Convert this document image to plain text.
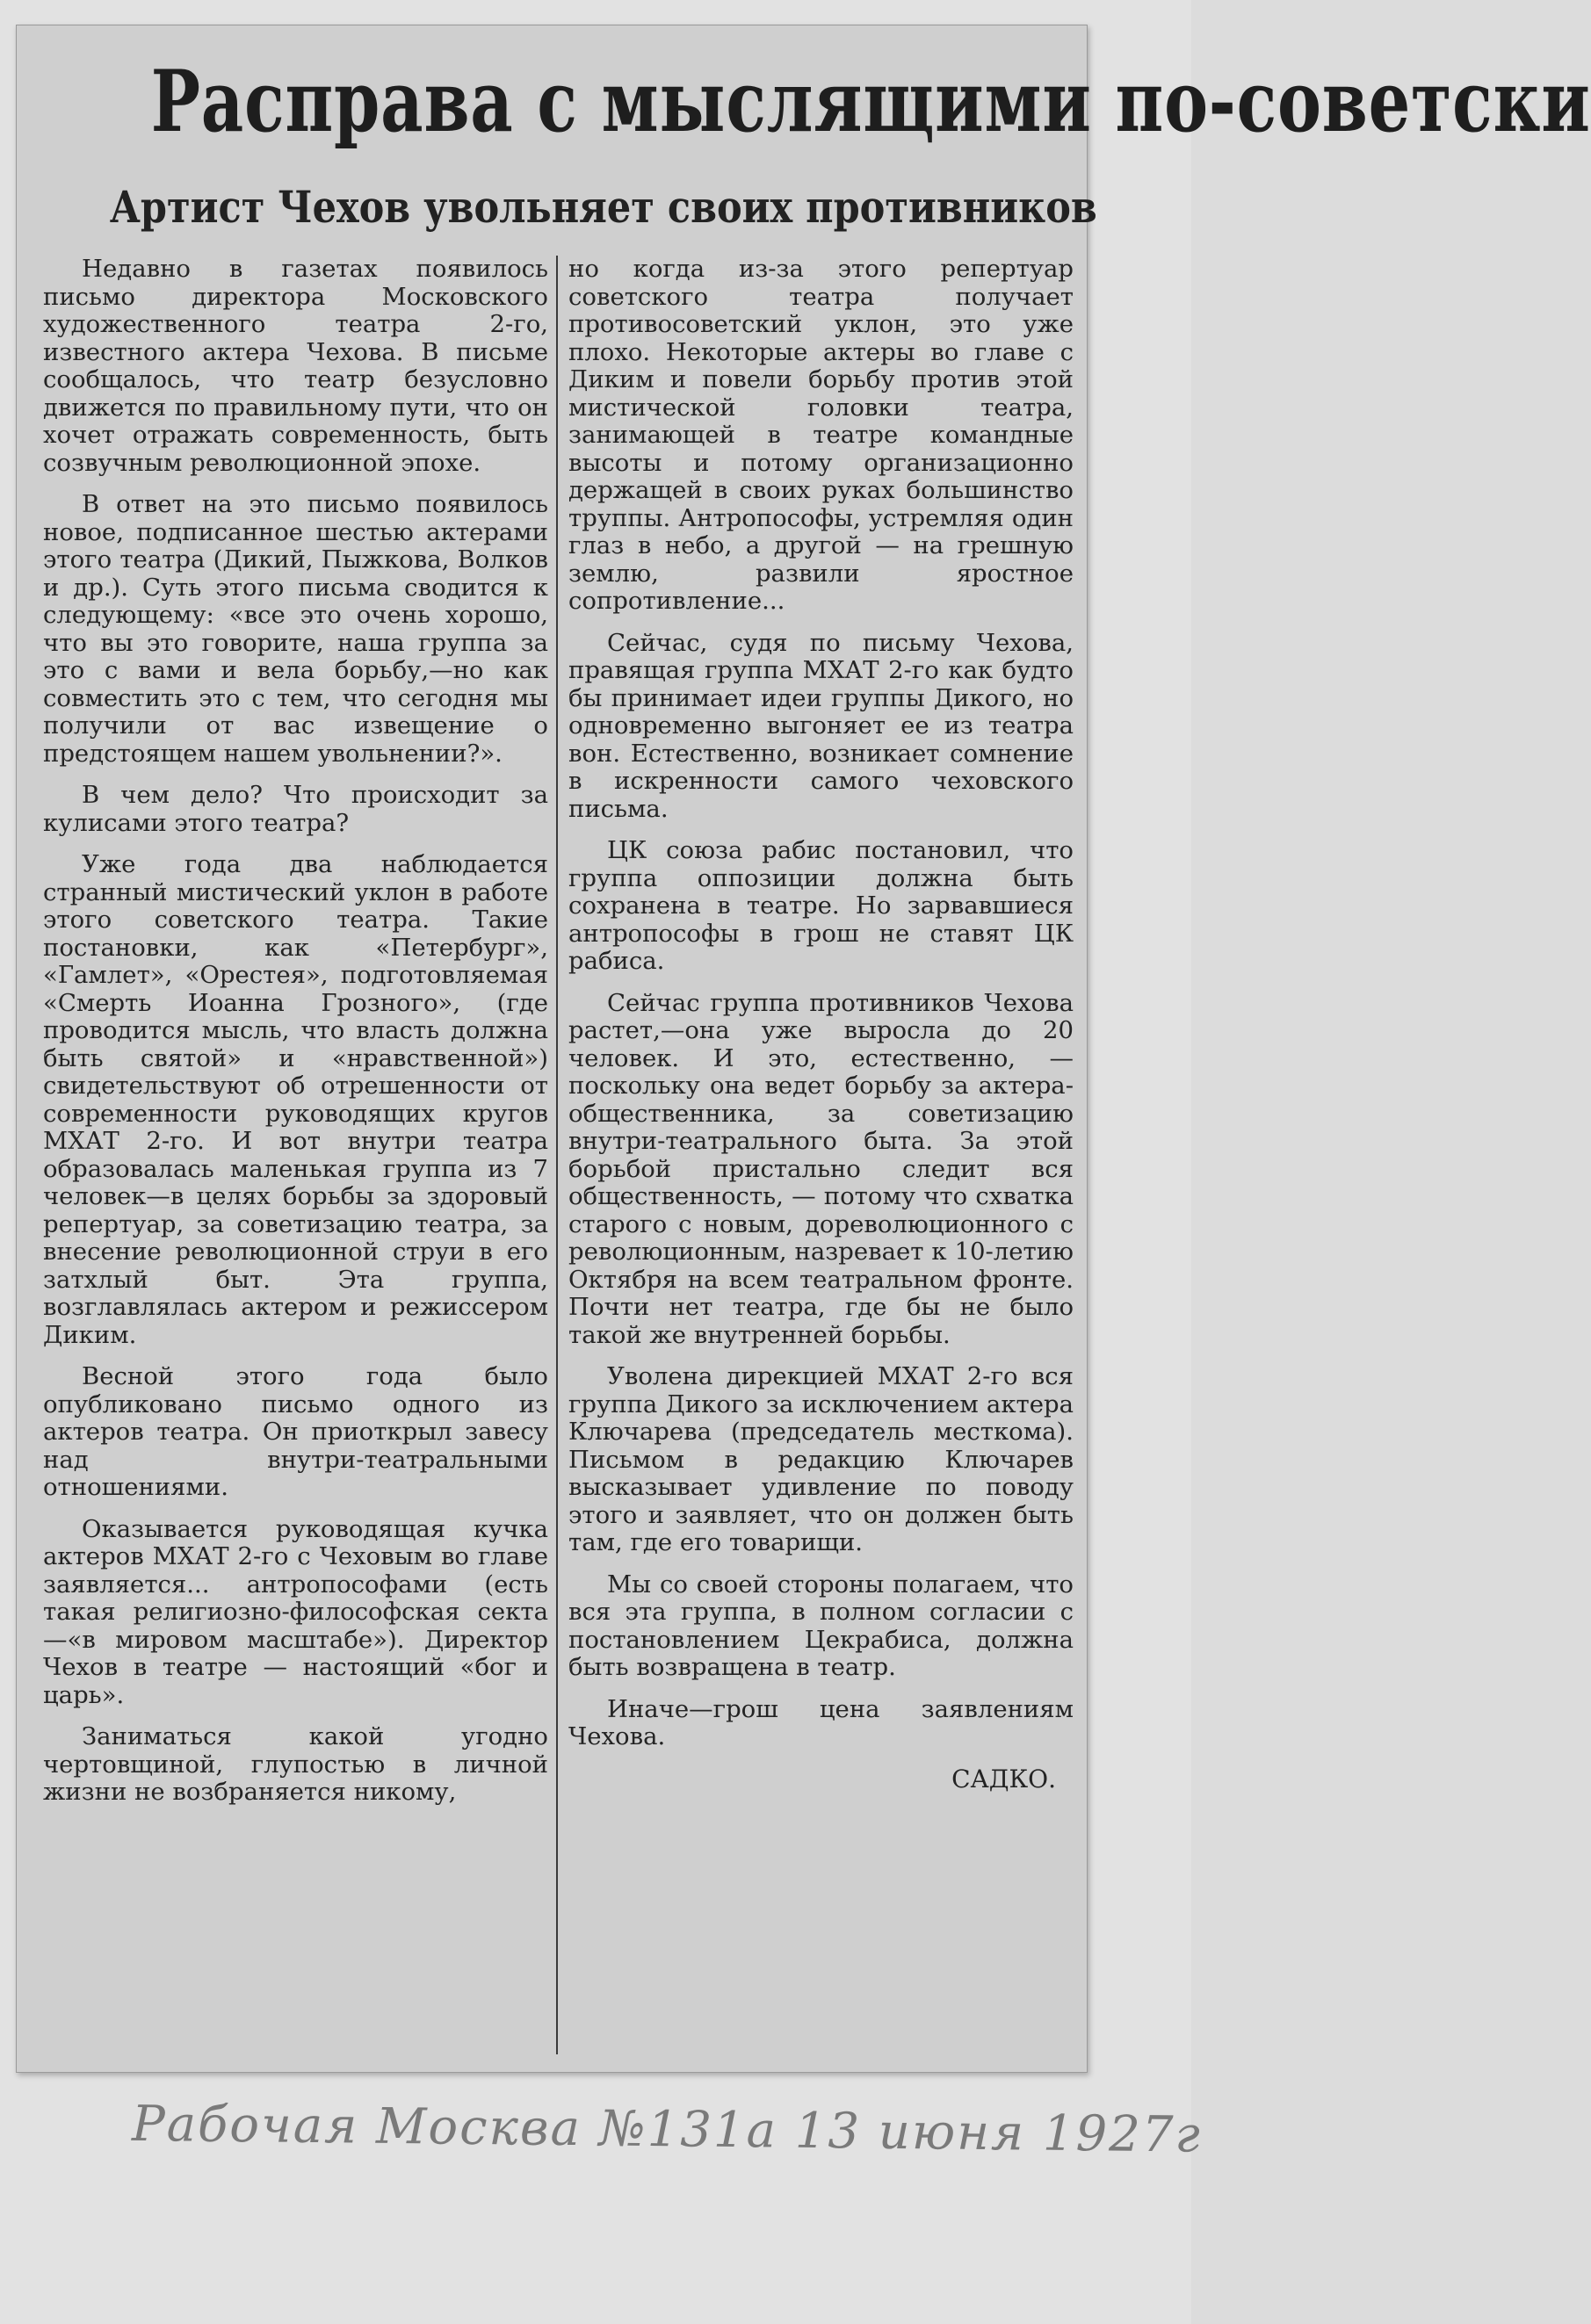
Расправа с мыслящими по-советски
Артист Чехов увольняет своих противников

Недавно в газетах появилось письмо директора Московского художественного театра 2-го, известного актера Чехова. В письме сообщалось, что театр безусловно движется по правильному пути, что он хочет отражать современность, быть созвучным революционной эпохе.

В ответ на это письмо появилось новое, подписанное шестью актерами этого театра (Дикий, Пыжкова, Волков и др.). Суть этого письма сводится к следующему: «все это очень хорошо, что вы это говорите, наша группа за это с вами и вела борьбу,—но как совместить это с тем, что сегодня мы получили от вас извещение о предстоящем нашем увольнении?».

В чем дело? Что происходит за кулисами этого театра?

Уже года два наблюдается странный мистический уклон в работе этого советского театра. Такие постановки, как «Петербург», «Гамлет», «Орестея», подготовляемая «Смерть Иоанна Грозного», (где проводится мысль, что власть должна быть святой» и «нравственной») свидетельствуют об отрешенности от современности руководящих кругов МХАТ 2-го. И вот внутри театра образовалась маленькая группа из 7 человек—в целях борьбы за здоровый репертуар, за советизацию театра, за внесение революционной струи в его затхлый быт. Эта группа, возглавлялась актером и режиссером Диким.

Весной этого года было опубликовано письмо одного из актеров театра. Он приоткрыл завесу над внутри-театральными отношениями.

Оказывается руководящая кучка актеров МХАТ 2-го с Чеховым во главе заявляется... антропософами (есть такая религиозно-философская секта—«в мировом масштабе»). Директор Чехов в театре — настоящий «бог и царь».

Заниматься какой угодно чертовщиной, глупостью в личной жизни не возбраняется никому,

но когда из-за этого репертуар советского театра получает противосоветский уклон, это уже плохо. Некоторые актеры во главе с Диким и повели борьбу против этой мистической головки театра, занимающей в театре командные высоты и потому организационно держащей в своих руках большинство труппы. Антропософы, устремляя один глаз в небо, а другой — на грешную землю, развили яростное сопротивление...

Сейчас, судя по письму Чехова, правящая группа МХАТ 2-го как будто бы принимает идеи группы Дикого, но одновременно выгоняет ее из театра вон. Естественно, возникает сомнение в искренности самого чеховского письма.

ЦК союза рабис постановил, что группа оппозиции должна быть сохранена в театре. Но зарвавшиеся антропософы в грош не ставят ЦК рабиса.

Сейчас группа противников Чехова растет,—она уже выросла до 20 человек. И это, естественно, — поскольку она ведет борьбу за актера-общественника, за советизацию внутри-театрального быта. За этой борьбой пристально следит вся общественность, — потому что схватка старого с новым, дореволюционного с революционным, назревает к 10-летию Октября на всем театральном фронте. Почти нет театра, где бы не было такой же внутренней борьбы.

Уволена дирекцией МХАТ 2-го вся группа Дикого за исключением актера Ключарева (председатель месткома). Письмом в редакцию Ключарев высказывает удивление по поводу этого и заявляет, что он должен быть там, где его товарищи.

Мы со своей стороны полагаем, что вся эта группа, в полном согласии с постановлением Цекрабиса, должна быть возвращена в театр.

Иначе—грош цена заявлениям Чехова.

САДКО.
Рабочая Москва №131а 13 июня 1927г
